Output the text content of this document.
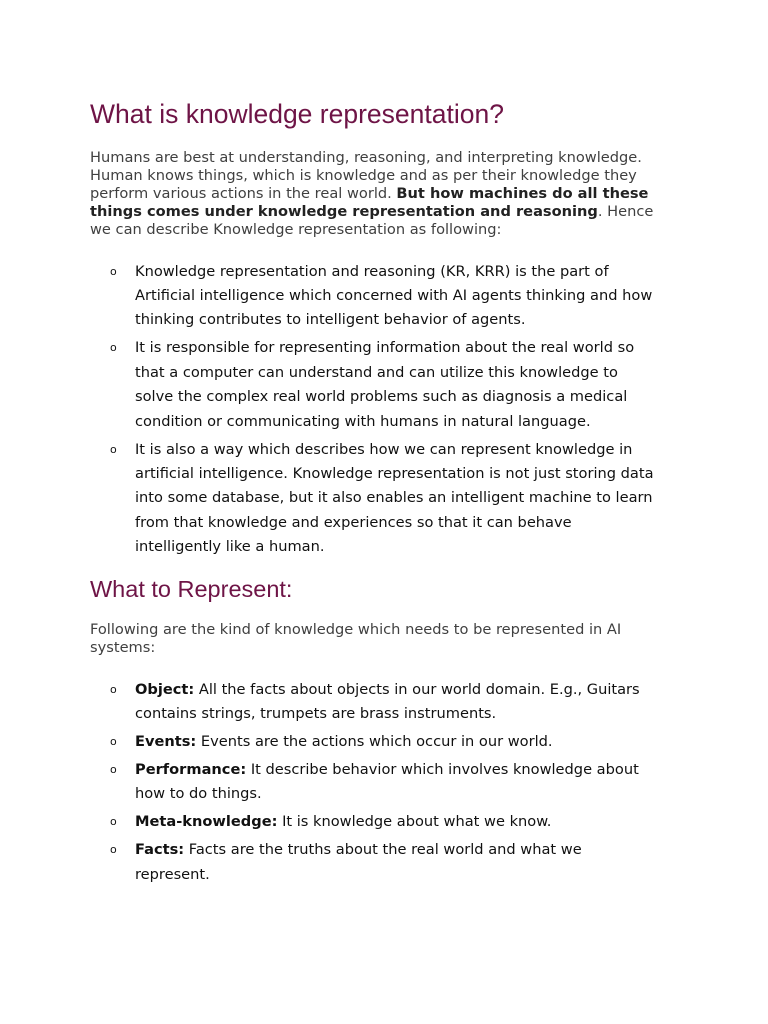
What is knowledge representation?

Humans are best at understanding, reasoning, and interpreting knowledge.
Human knows things, which is knowledge and as per their knowledge they
perform various actions in the real world. But how machines do all these
things comes under knowledge representation and reasoning. Hence
we can describe Knowledge representation as following:

o Knowledge representation and reasoning (KR, KRR) is the part of
Artificial intelligence which concerned with AI agents thinking and how
thinking contributes to intelligent behavior of agents.
o It is responsible for representing information about the real world so
that a computer can understand and can utilize this knowledge to
solve the complex real world problems such as diagnosis a medical
condition or communicating with humans in natural language.
o It is also a way which describes how we can represent knowledge in
artificial intelligence. Knowledge representation is not just storing data
into some database, but it also enables an intelligent machine to learn
from that knowledge and experiences so that it can behave
intelligently like a human.
What to Represent:

Following are the kind of knowledge which needs to be represented in AI
systems:

o Object: All the facts about objects in our world domain. E.g., Guitars
contains strings, trumpets are brass instruments.
o Events: Events are the actions which occur in our world.
o Performance: It describe behavior which involves knowledge about
how to do things.
o Meta-knowledge: It is knowledge about what we know.
o Facts: Facts are the truths about the real world and what we
represent.
